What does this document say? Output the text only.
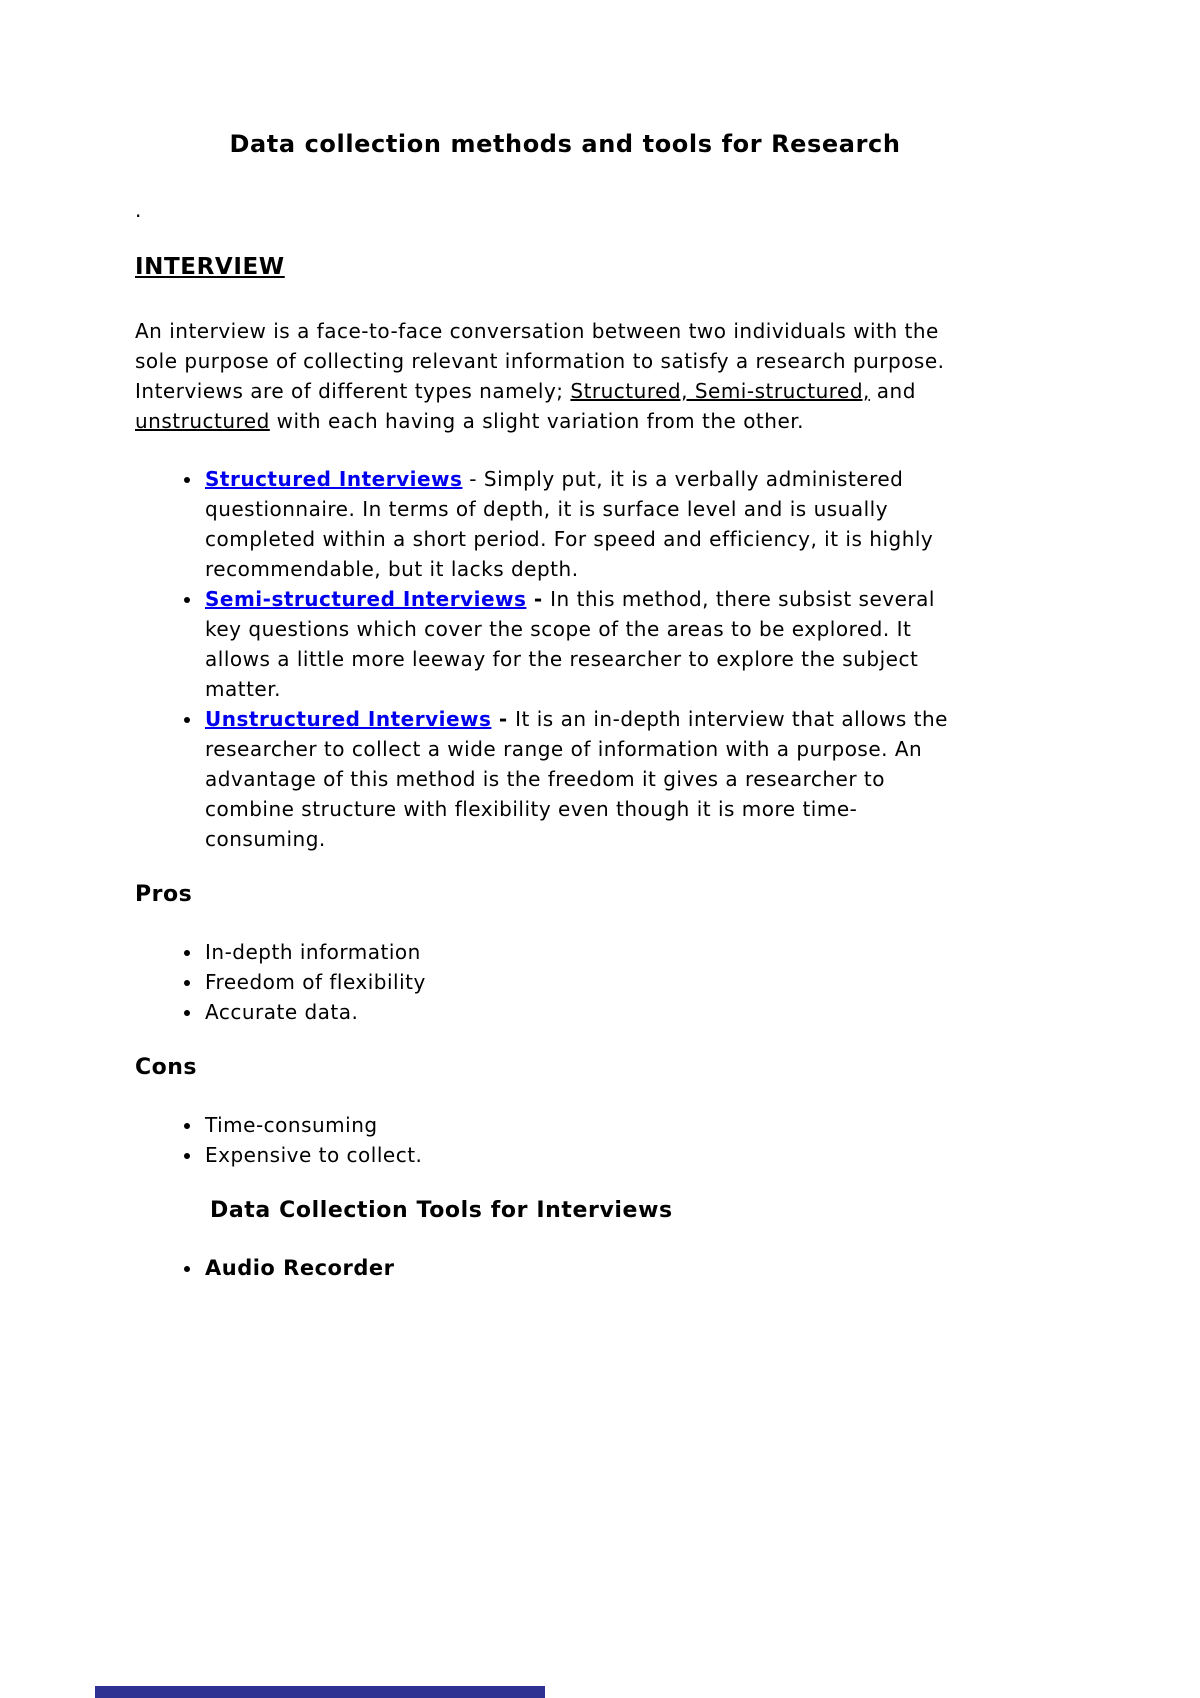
Data collection methods and tools for Research

.

INTERVIEW

An interview is a face-to-face conversation between two individuals with the sole purpose of collecting relevant information to satisfy a research purpose. Interviews are of different types namely; Structured, Semi-structured, and unstructured with each having a slight variation from the other.

• Structured Interviews - Simply put, it is a verbally administered questionnaire. In terms of depth, it is surface level and is usually completed within a short period. For speed and efficiency, it is highly recommendable, but it lacks depth.
• Semi-structured Interviews - In this method, there subsist several key questions which cover the scope of the areas to be explored. It allows a little more leeway for the researcher to explore the subject matter.
• Unstructured Interviews - It is an in-depth interview that allows the researcher to collect a wide range of information with a purpose. An advantage of this method is the freedom it gives a researcher to combine structure with flexibility even though it is more time-consuming.
Pros
• In-depth information
• Freedom of flexibility
• Accurate data.
Cons
• Time-consuming
• Expensive to collect.
Data Collection Tools for Interviews
• Audio Recorder
